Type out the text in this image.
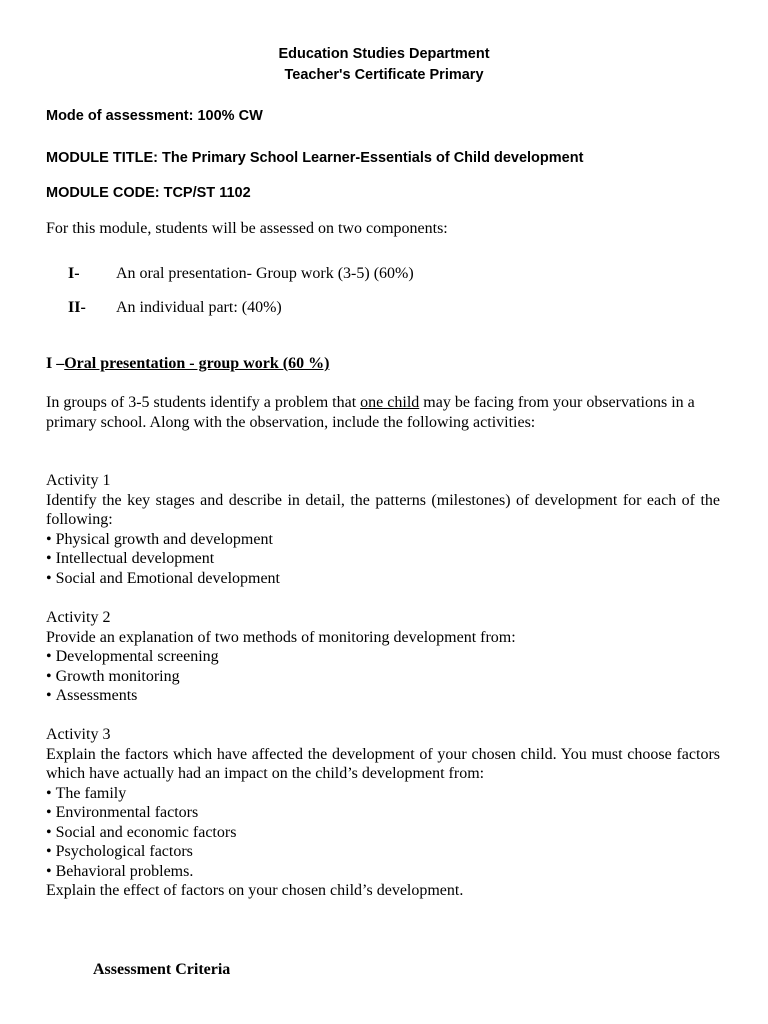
Education Studies Department
Teacher's Certificate Primary
Mode of assessment: 100% CW
MODULE TITLE: The Primary School Learner-Essentials of Child development
MODULE CODE: TCP/ST 1102
For this module, students will be assessed on two components:
I- An oral presentation- Group work (3-5) (60%)
II- An individual part: (40%)
I –Oral presentation - group work (60 %)
In groups of 3-5 students identify a problem that one child may be facing from your observations in a primary school. Along with the observation, include the following activities:
Activity 1
Identify the key stages and describe in detail, the patterns (milestones) of development for each of the following:
• Physical growth and development
• Intellectual development
• Social and Emotional development
Activity 2
Provide an explanation of two methods of monitoring development from:
• Developmental screening
• Growth monitoring
• Assessments
Activity 3
Explain the factors which have affected the development of your chosen child. You must choose factors which have actually had an impact on the child’s development from:
• The family
• Environmental factors
• Social and economic factors
• Psychological factors
• Behavioral problems.
Explain the effect of factors on your chosen child’s development.
Assessment Criteria
